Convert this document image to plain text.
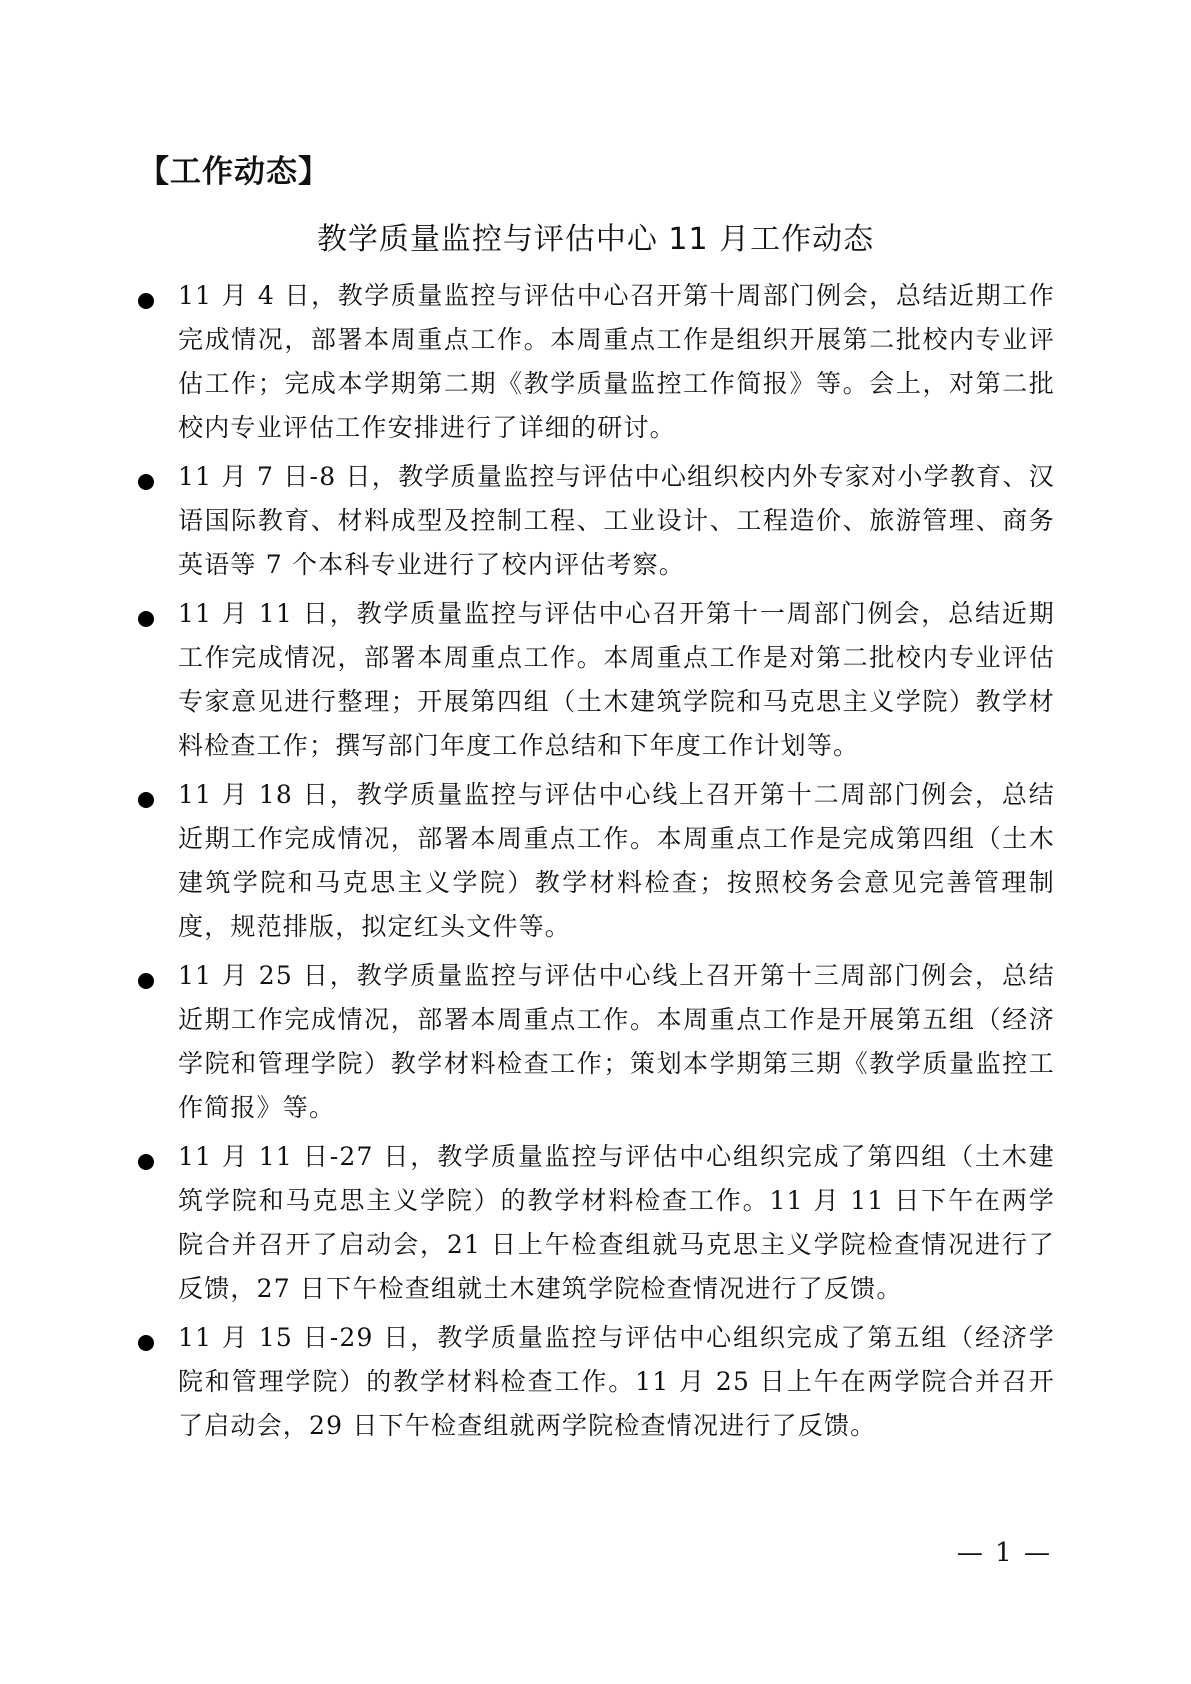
【工作动态】
教学质量监控与评估中心 11 月工作动态
11 月 4 日，教学质量监控与评估中心召开第十周部门例会，总结近期工作完成情况，部署本周重点工作。本周重点工作是组织开展第二批校内专业评估工作；完成本学期第二期《教学质量监控工作简报》等。会上，对第二批校内专业评估工作安排进行了详细的研讨。
11 月 7 日-8 日，教学质量监控与评估中心组织校内外专家对小学教育、汉语国际教育、材料成型及控制工程、工业设计、工程造价、旅游管理、商务英语等 7 个本科专业进行了校内评估考察。
11 月 11 日，教学质量监控与评估中心召开第十一周部门例会，总结近期工作完成情况，部署本周重点工作。本周重点工作是对第二批校内专业评估专家意见进行整理；开展第四组（土木建筑学院和马克思主义学院）教学材料检查工作；撰写部门年度工作总结和下年度工作计划等。
11 月 18 日，教学质量监控与评估中心线上召开第十二周部门例会，总结近期工作完成情况，部署本周重点工作。本周重点工作是完成第四组（土木建筑学院和马克思主义学院）教学材料检查；按照校务会意见完善管理制度，规范排版，拟定红头文件等。
11 月 25 日，教学质量监控与评估中心线上召开第十三周部门例会，总结近期工作完成情况，部署本周重点工作。本周重点工作是开展第五组（经济学院和管理学院）教学材料检查工作；策划本学期第三期《教学质量监控工作简报》等。
11 月 11 日-27 日，教学质量监控与评估中心组织完成了第四组（土木建筑学院和马克思主义学院）的教学材料检查工作。11 月 11 日下午在两学院合并召开了启动会，21 日上午检查组就马克思主义学院检查情况进行了反馈，27 日下午检查组就土木建筑学院检查情况进行了反馈。
11 月 15 日-29 日，教学质量监控与评估中心组织完成了第五组（经济学院和管理学院）的教学材料检查工作。11 月 25 日上午在两学院合并召开了启动会，29 日下午检查组就两学院检查情况进行了反馈。
— 1 —
